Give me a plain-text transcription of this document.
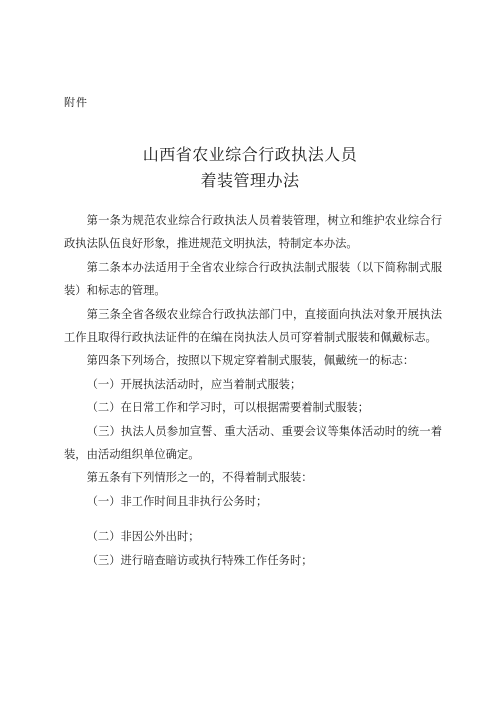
附件
山西省农业综合行政执法人员
着装管理办法

第一条为规范农业综合行政执法人员着装管理，树立和维护农业综合行政执法队伍良好形象，推进规范文明执法，特制定本办法。

第二条本办法适用于全省农业综合行政执法制式服装（以下简称制式服装）和标志的管理。

第三条全省各级农业综合行政执法部门中，直接面向执法对象开展执法工作且取得行政执法证件的在编在岗执法人员可穿着制式服装和佩戴标志。

第四条下列场合，按照以下规定穿着制式服装，佩戴统一的标志：

（一）开展执法活动时，应当着制式服装；

（二）在日常工作和学习时，可以根据需要着制式服装；

（三）执法人员参加宣誓、重大活动、重要会议等集体活动时的统一着装，由活动组织单位确定。

第五条有下列情形之一的，不得着制式服装：

（一）非工作时间且非执行公务时；

（二）非因公外出时；

（三）进行暗查暗访或执行特殊工作任务时；
